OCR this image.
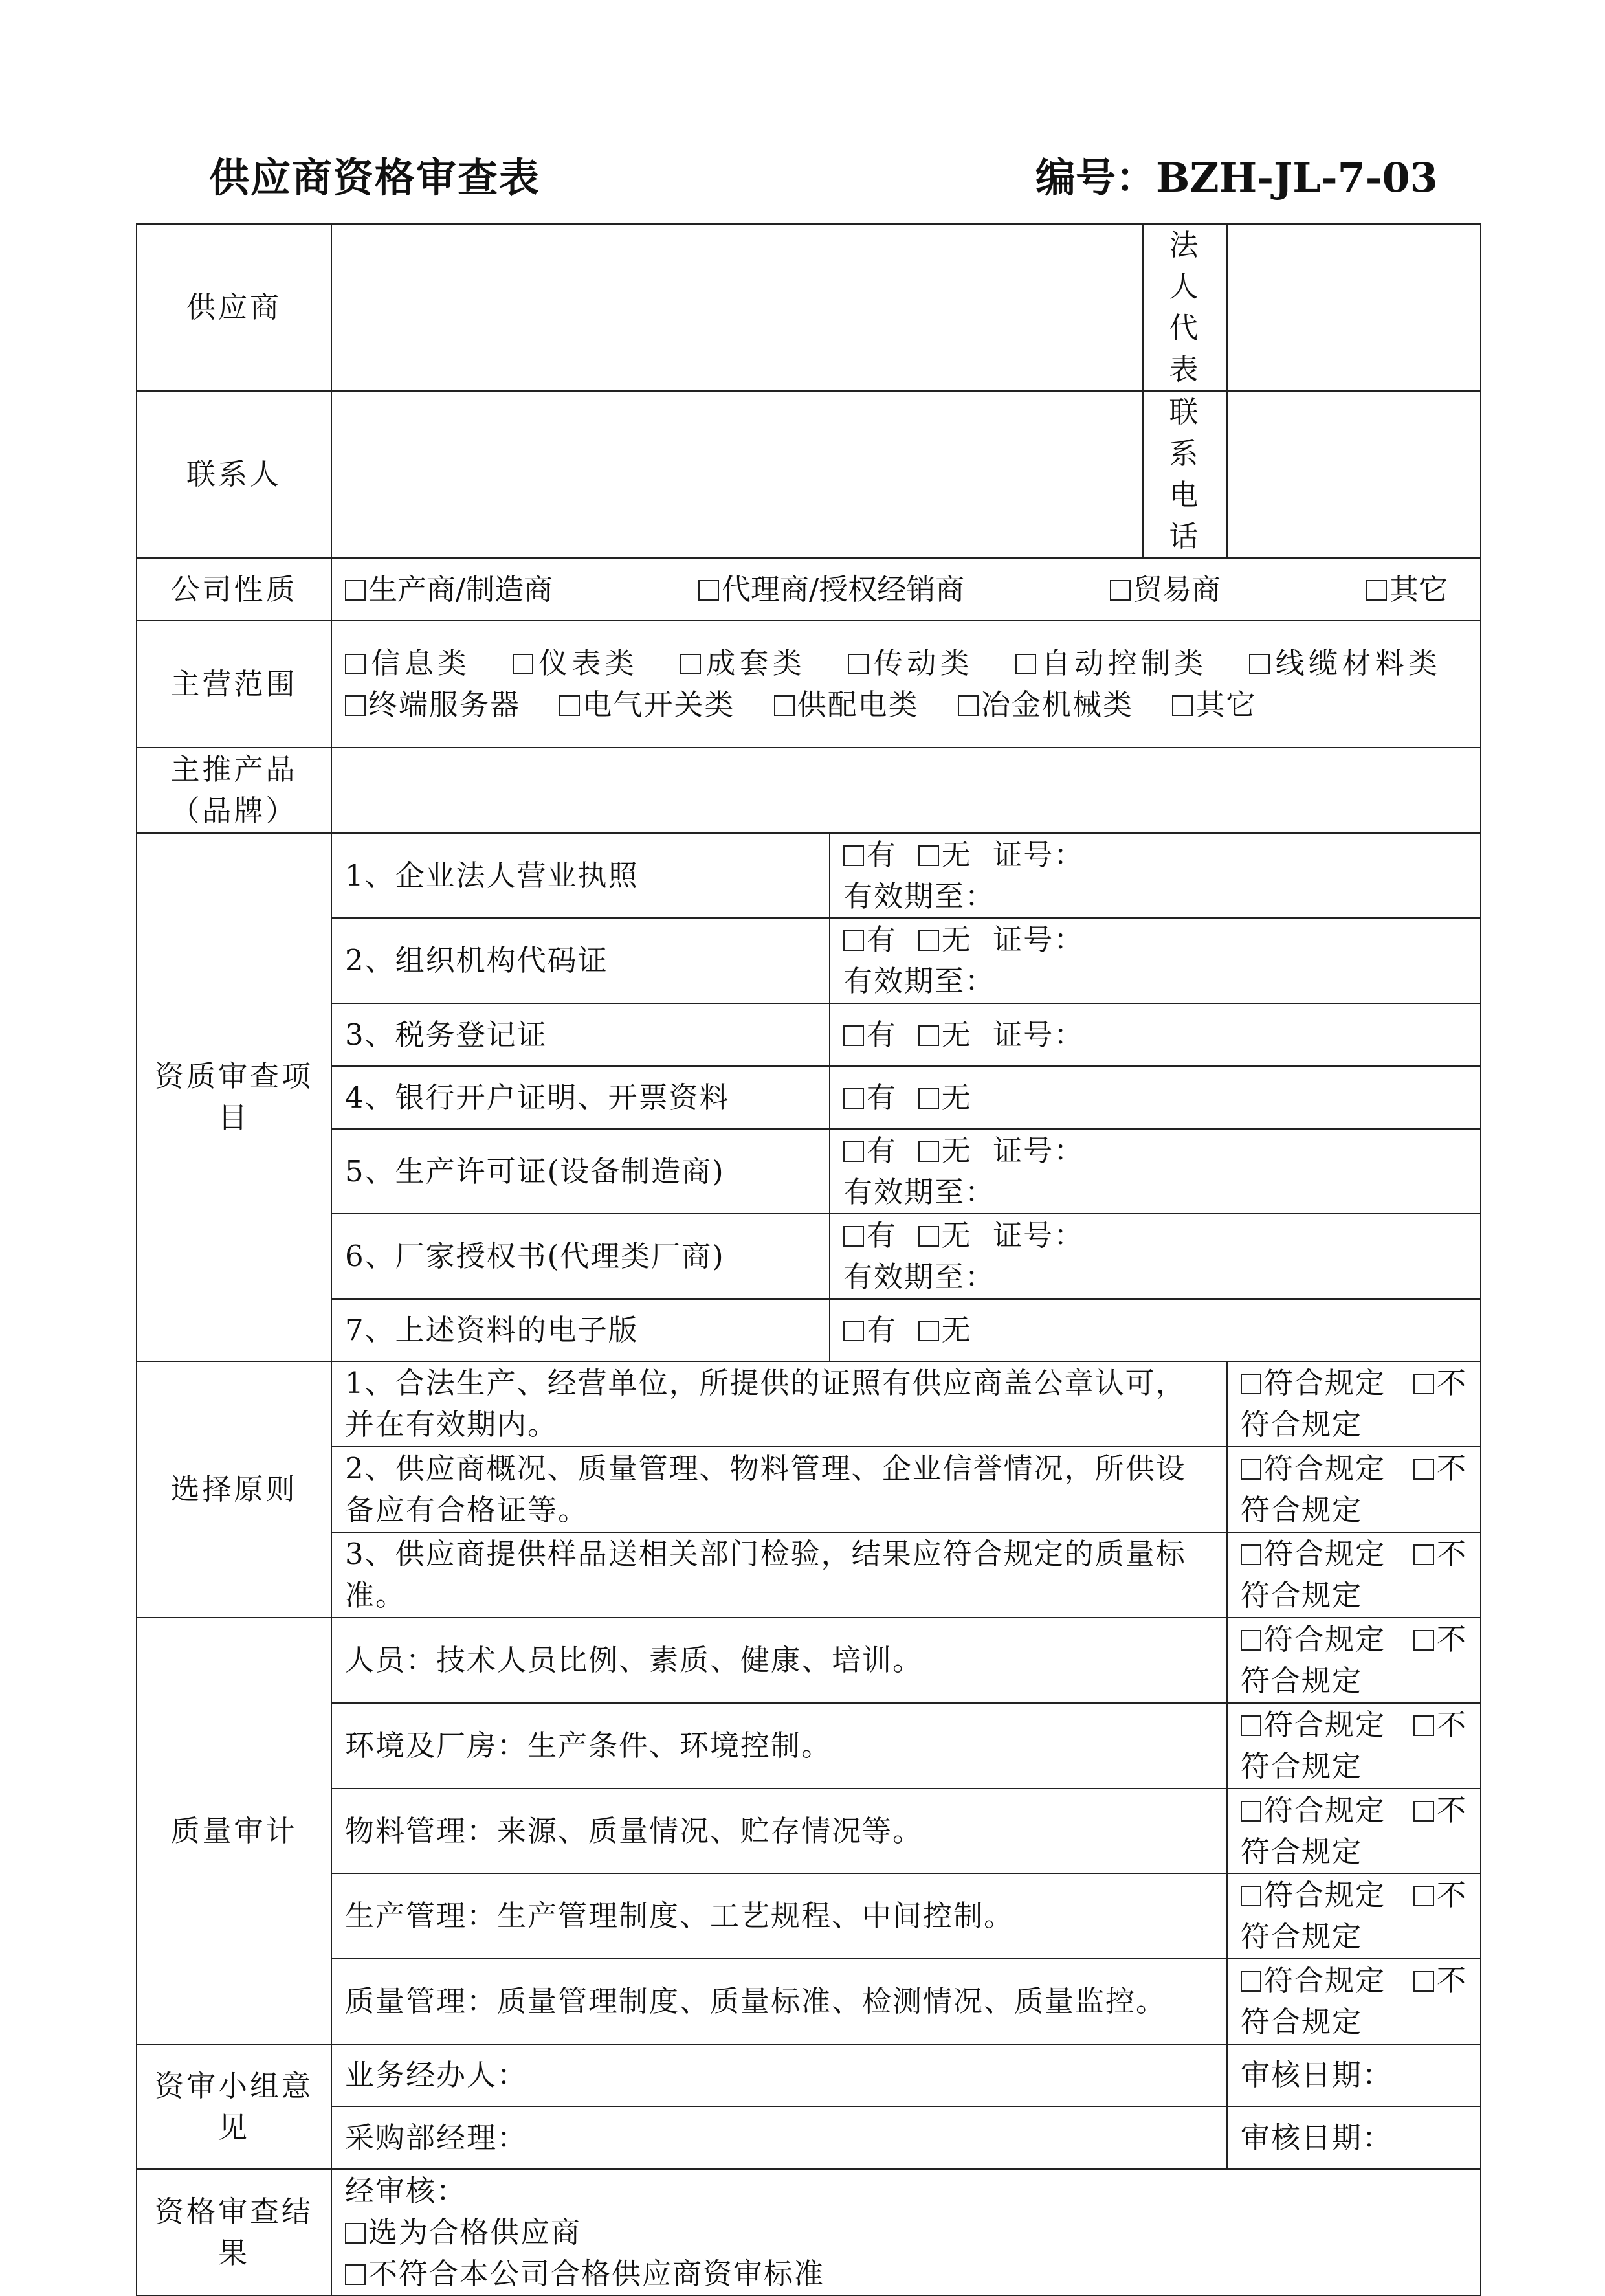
供应商资格审查表	编号：BZH-JL-7-03
供应商			法人代表	
联系人			联系电话	
公司性质	生产商/制造商 代理商/授权经销商 贸易商 其它			

主营范围	信息类 仪表类 成套类 传动类 自动控制类 线缆材料类 终端服务器 电气开关类 供配电类 冶金机械类 其它			

主推产品
（品牌）				

资质审查项目	1、企业法人营业执照	有 无 证号：
有效期至：		

	2、组织机构代码证	有 无 证号：
有效期至：		

	3、税务登记证	有 无 证号：		

	4、银行开户证明、开票资料	有 无		

	5、生产许可证(设备制造商)	有 无 证号：
有效期至：		

	6、厂家授权书(代理类厂商)	有 无 证号：
有效期至：		

	7、上述资料的电子版	有 无		

选择原则	1、合法生产、经营单位，所提供的证照有供应商盖公章认可，并在有效期内。			符合规定 不
符合规定

	2、供应商概况、质量管理、物料管理、企业信誉情况，所供设备应有合格证等。			符合规定 不
符合规定

	3、供应商提供样品送相关部门检验，结果应符合规定的质量标准。			符合规定 不
符合规定

质量审计	人员：技术人员比例、素质、健康、培训。			符合规定 不
符合规定

	环境及厂房：生产条件、环境控制。			符合规定 不
符合规定

	物料管理：来源、质量情况、贮存情况等。			符合规定 不
符合规定

	生产管理：生产管理制度、工艺规程、中间控制。			符合规定 不
符合规定

	质量管理：质量管理制度、质量标准、检测情况、质量监控。			符合规定 不
符合规定

资审小组意见	业务经办人：			审核日期：
	采购部经理：			审核日期：
资格审查结果	经审核：
选为合格供应商
不符合本公司合格供应商资审标准			
